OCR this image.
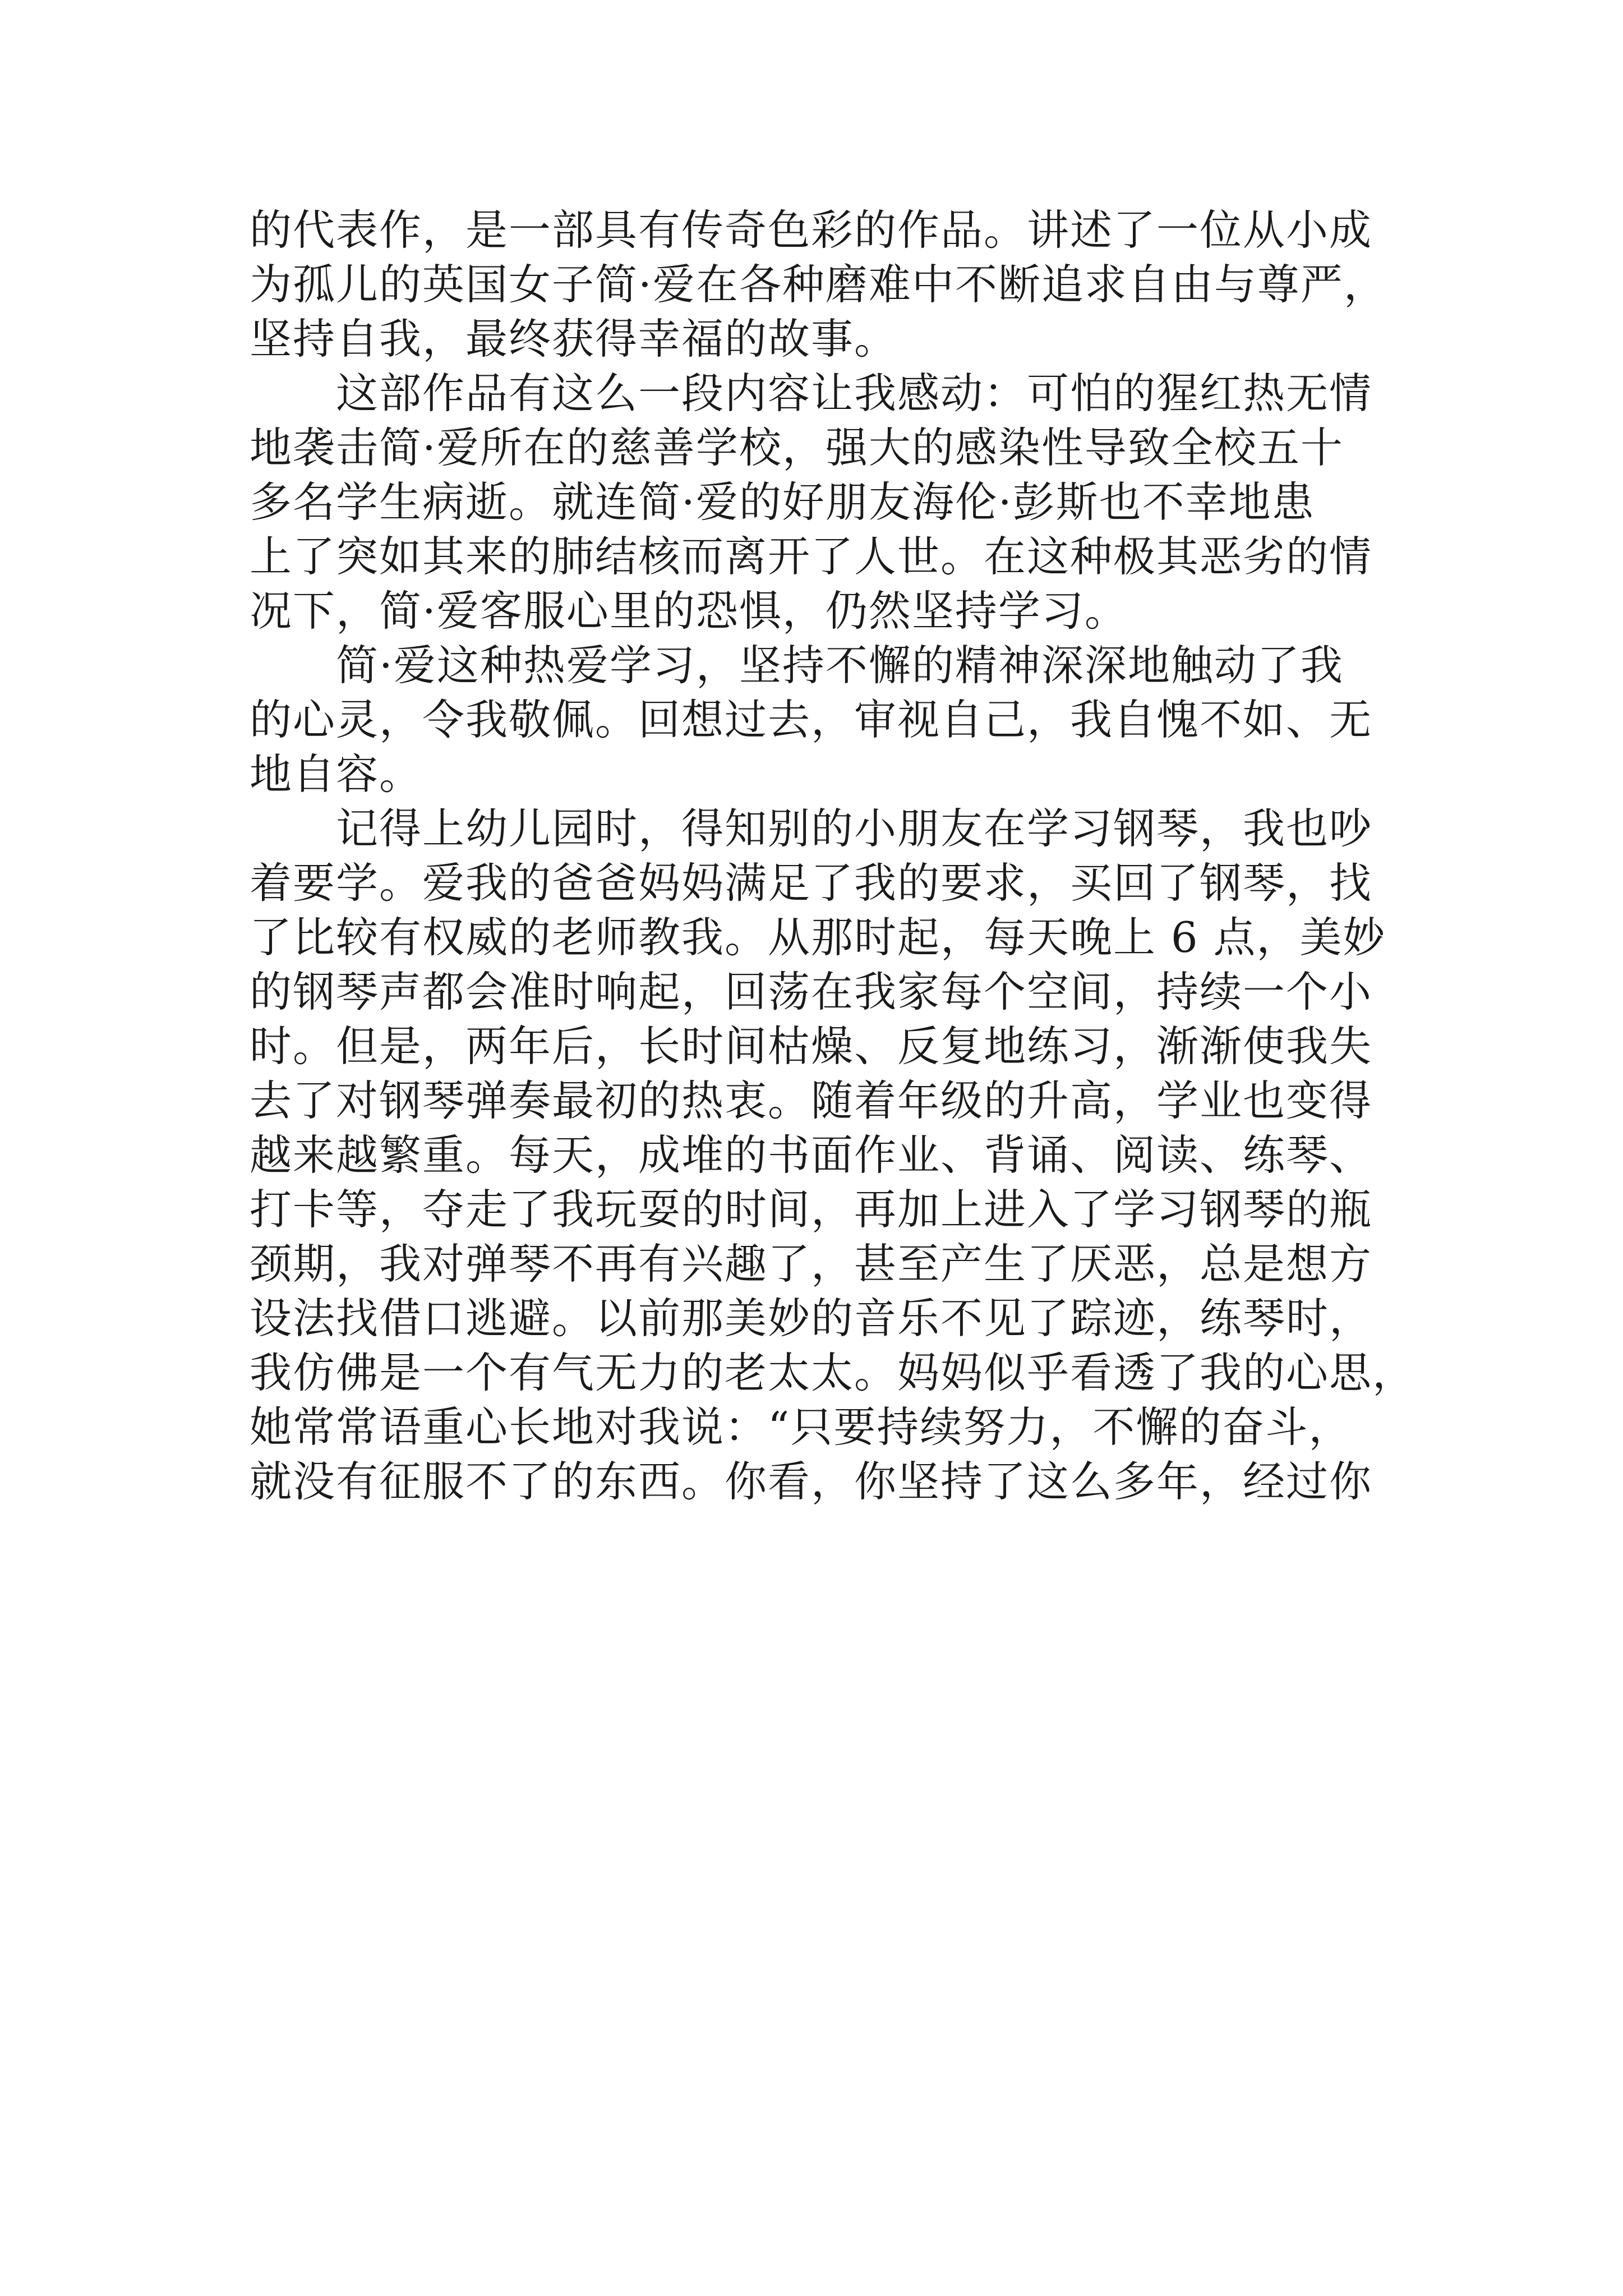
的代表作，是一部具有传奇色彩的作品。讲述了一位从小成
为孤儿的英国女子简·爱在各种磨难中不断追求自由与尊严，
坚持自我，最终获得幸福的故事。
　　这部作品有这么一段内容让我感动：可怕的猩红热无情
地袭击简·爱所在的慈善学校，强大的感染性导致全校五十
多名学生病逝。就连简·爱的好朋友海伦·彭斯也不幸地患
上了突如其来的肺结核而离开了人世。在这种极其恶劣的情
况下，简·爱客服心里的恐惧，仍然坚持学习。
　　简·爱这种热爱学习，坚持不懈的精神深深地触动了我
的心灵，令我敬佩。回想过去，审视自己，我自愧不如、无
地自容。
　　记得上幼儿园时，得知别的小朋友在学习钢琴，我也吵
着要学。爱我的爸爸妈妈满足了我的要求，买回了钢琴，找
了比较有权威的老师教我。从那时起，每天晚上 6 点，美妙
的钢琴声都会准时响起，回荡在我家每个空间，持续一个小
时。但是，两年后，长时间枯燥、反复地练习，渐渐使我失
去了对钢琴弹奏最初的热衷。随着年级的升高，学业也变得
越来越繁重。每天，成堆的书面作业、背诵、阅读、练琴、
打卡等，夺走了我玩耍的时间，再加上进入了学习钢琴的瓶
颈期，我对弹琴不再有兴趣了，甚至产生了厌恶，总是想方
设法找借口逃避。以前那美妙的音乐不见了踪迹，练琴时，
我仿佛是一个有气无力的老太太。妈妈似乎看透了我的心思，
她常常语重心长地对我说：“只要持续努力，不懈的奋斗，
就没有征服不了的东西。你看，你坚持了这么多年，经过你
